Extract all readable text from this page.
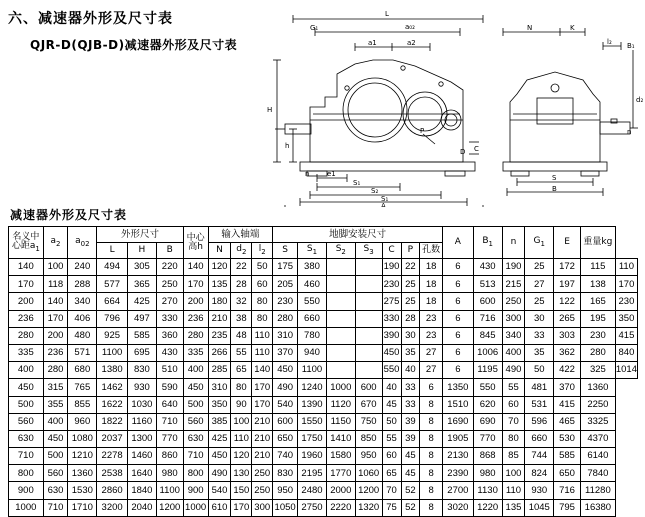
六、减速器外形及尺寸表
QJR-D(QJB-D)减速器外形及尺寸表
L
G₁	a₀₂
a1	a2
P
C
D
n
H
h
e1
S₁
S₂
S₁
A
N	K
l₂ B₁
d₂
n
S
B
减速器外形及尺寸表
名义中
心距$a_1$	$a_2$	$a_{02}$	外形尺寸			中心
高h	输入轴端			地脚安装尺寸							A	$B_1$	n	$G_1$	E	重量kg	
			L	H	B		N	$d_2$	$l_2$	S	$S_1$	$S_2$	$S_3$	C	P	孔数							
140	100	240	494	305	220	140	120	22	50	175	380			190	22	18	6	430	190	25	172	115	110
170	118	288	577	365	250	170	135	28	60	205	460			230	25	18	6	513	215	27	197	138	170
200	140	340	664	425	270	200	180	32	80	230	550			275	25	18	6	600	250	25	122	165	230
236	170	406	796	497	330	236	210	38	80	280	660			330	28	23	6	716	300	30	265	195	350
280	200	480	925	585	360	280	235	48	110	310	780			390	30	23	6	845	340	33	303	230	415
335	236	571	1100	695	430	335	266	55	110	370	940			450	35	27	6	1006	400	35	362	280	840
400	280	680	1380	830	510	400	285	65	140	450	1100			550	40	27	6	1195	490	50	422	325	1014
450	315	765	1462	930	590	450	310	80	170	490	1240	1000	600	40	33	6	1350	550	55	481	370	1360	
500	355	855	1622	1030	640	500	350	90	170	540	1390	1120	670	45	33	8	1510	620	60	531	415	2250	
560	400	960	1822	1160	710	560	385	100	210	600	1550	1150	750	50	39	8	1690	690	70	596	465	3325	
630	450	1080	2037	1300	770	630	425	110	210	650	1750	1410	850	55	39	8	1905	770	80	660	530	4370	
710	500	1210	2278	1460	860	710	450	120	210	740	1960	1580	950	60	45	8	2130	868	85	744	585	6140	
800	560	1360	2538	1640	980	800	490	130	250	830	2195	1770	1060	65	45	8	2390	980	100	824	650	7840	
900	630	1530	2860	1840	1100	900	540	150	250	950	2480	2000	1200	70	52	8	2700	1130	110	930	716	11280	
1000	710	1710	3200	2040	1200	1000	610	170	300	1050	2750	2220	1320	75	52	8	3020	1220	135	1045	795	16380	
